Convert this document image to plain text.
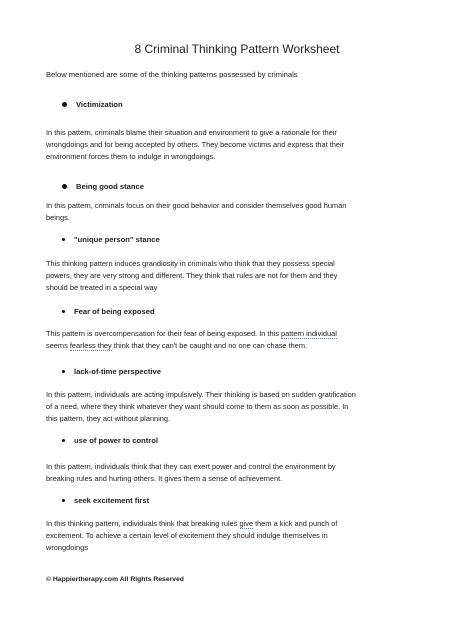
8 Criminal Thinking Pattern Worksheet
Below mentioned are some of the thinking patterns possessed by criminals
Victimization
In this pattern, criminals blame their situation and environment to give a rationale for their
wrongdoings and for being accepted by others. They become victims and express that their
environment forces them to indulge in wrongdoings.
Being good stance
In this pattern, criminals focus on their good behavior and consider themselves good human
beings.
"unique person" stance
This thinking pattern induces grandiosity in criminals who think that they possess special
powers, they are very strong and different. They think that rules are not for them and they
should be treated in a special way
Fear of being exposed
This pattern is overcompensation for their fear of being exposed. In this pattern individual
seems fearless they think that they can't be caught and no one can chase them.
lack-of-time perspective
In this pattern, individuals are acting impulsively. Their thinking is based on sudden gratification
of a need, where they think whatever they want should come to them as soon as possible. In
this pattern, they act without planning.
use of power to control
In this pattern, individuals think that they can exert power and control the environment by
breaking rules and hurting others. It gives them a sense of achievement.
seek excitement first
In this thinking pattern, individuals think that breaking rules give them a kick and punch of
excitement. To achieve a certain level of excitement they should indulge themselves in
wrongdoings
© Happiertherapy.com All Rights Reserved
